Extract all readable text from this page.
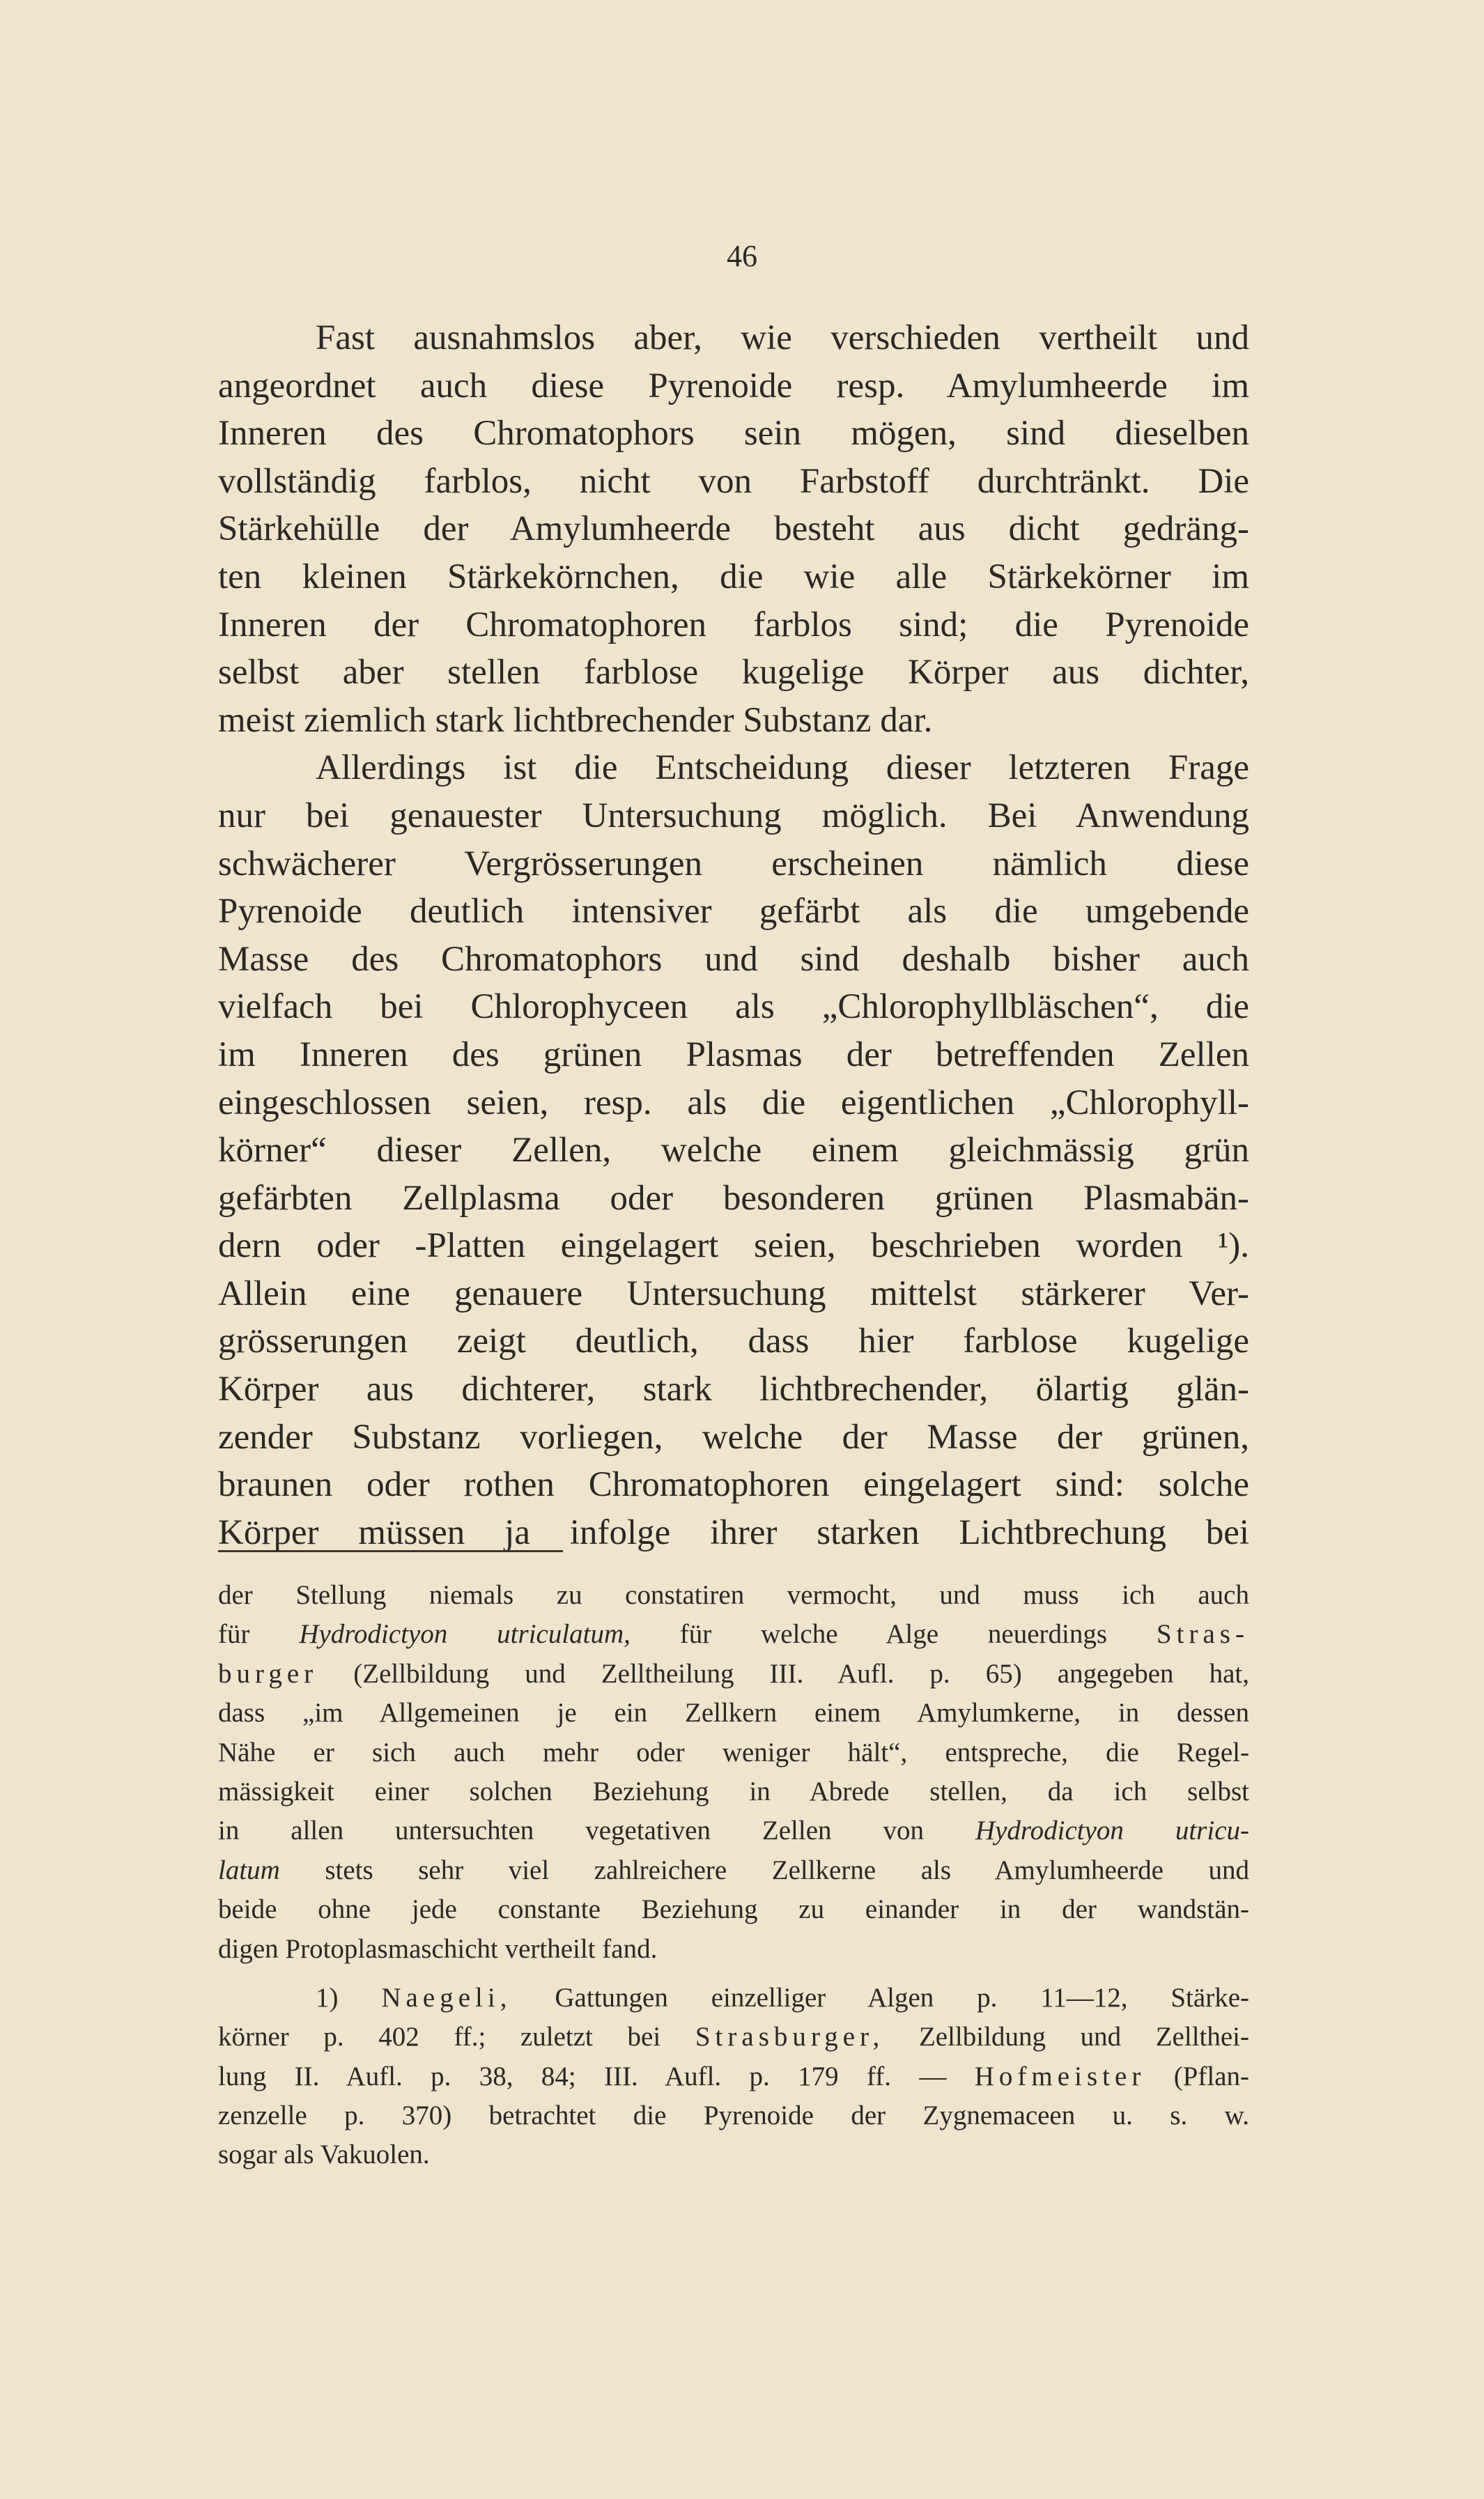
46
Fast ausnahmslos aber, wie verschieden vertheilt und
angeordnet auch diese Pyrenoide resp. Amylumheerde im
Inneren des Chromatophors sein mögen, sind dieselben
vollständig farblos, nicht von Farbstoff durchtränkt. Die
Stärkehülle der Amylumheerde besteht aus dicht gedräng-
ten kleinen Stärkekörnchen, die wie alle Stärkekörner im
Inneren der Chromatophoren farblos sind; die Pyrenoide
selbst aber stellen farblose kugelige Körper aus dichter,
meist ziemlich stark lichtbrechender Substanz dar.
Allerdings ist die Entscheidung dieser letzteren Frage
nur bei genauester Untersuchung möglich. Bei Anwendung
schwächerer Vergrösserungen erscheinen nämlich diese
Pyrenoide deutlich intensiver gefärbt als die umgebende
Masse des Chromatophors und sind deshalb bisher auch
vielfach bei Chlorophyceen als „Chlorophyllbläschen“, die
im Inneren des grünen Plasmas der betreffenden Zellen
eingeschlossen seien, resp. als die eigentlichen „Chlorophyll-
körner“ dieser Zellen, welche einem gleichmässig grün
gefärbten Zellplasma oder besonderen grünen Plasmabän-
dern oder -Platten eingelagert seien, beschrieben worden ¹).
Allein eine genauere Untersuchung mittelst stärkerer Ver-
grösserungen zeigt deutlich, dass hier farblose kugelige
Körper aus dichterer, stark lichtbrechender, ölartig glän-
zender Substanz vorliegen, welche der Masse der grünen,
braunen oder rothen Chromatophoren eingelagert sind: solche
Körper müssen ja infolge ihrer starken Lichtbrechung bei
der Stellung niemals zu constatiren vermocht, und muss ich auch
für Hydrodictyon utriculatum, für welche Alge neuerdings Stras-
burger (Zellbildung und Zelltheilung III. Aufl. p. 65) angegeben hat,
dass „im Allgemeinen je ein Zellkern einem Amylumkerne, in dessen
Nähe er sich auch mehr oder weniger hält“, entspreche, die Regel-
mässigkeit einer solchen Beziehung in Abrede stellen, da ich selbst
in allen untersuchten vegetativen Zellen von Hydrodictyon utricu-
latum stets sehr viel zahlreichere Zellkerne als Amylumheerde und
beide ohne jede constante Beziehung zu einander in der wandstän-
digen Protoplasmaschicht vertheilt fand.
1) Naegeli, Gattungen einzelliger Algen p. 11—12, Stärke-
körner p. 402 ff.; zuletzt bei Strasburger, Zellbildung und Zellthei-
lung II. Aufl. p. 38, 84; III. Aufl. p. 179 ff. — Hofmeister (Pflan-
zenzelle p. 370) betrachtet die Pyrenoide der Zygnemaceen u. s. w.
sogar als Vakuolen.
